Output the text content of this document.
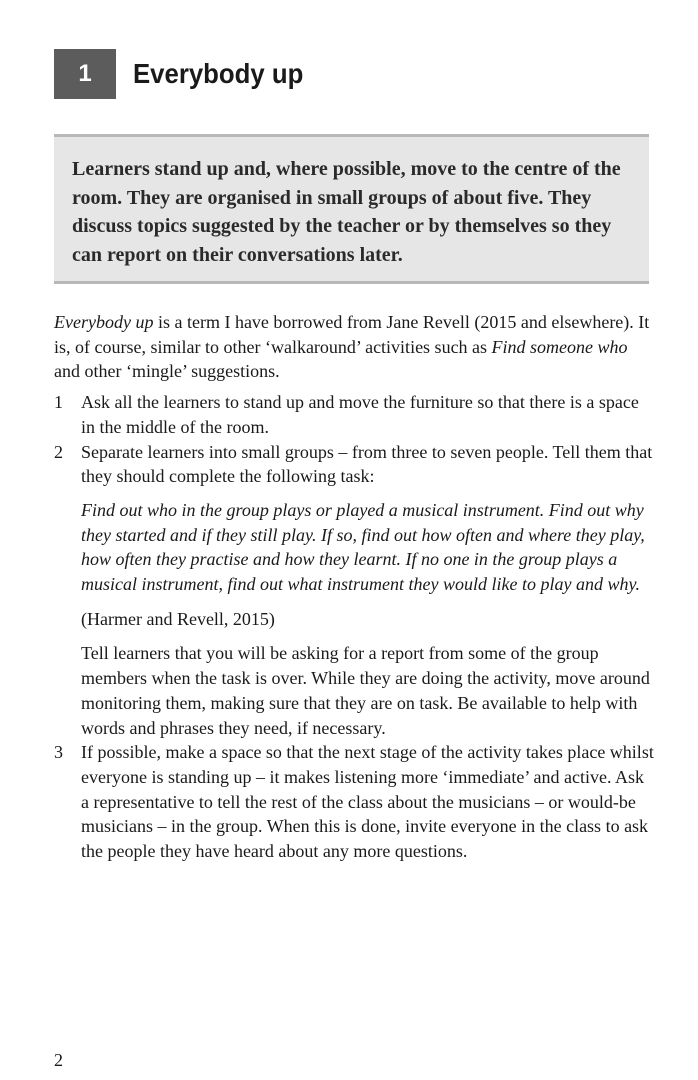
1	Everybody up
Learners stand up and, where possible, move to the centre of the room. They are organised in small groups of about five. They discuss topics suggested by the teacher or by themselves so they can report on their conversations later.

Everybody up is a term I have borrowed from Jane Revell (2015 and elsewhere). It is, of course, similar to other ‘walkaround’ activities such as Find someone who and other ‘mingle’ suggestions.

1 Ask all the learners to stand up and move the furniture so that there is a space in the middle of the room.

2 Separate learners into small groups – from three to seven people. Tell them that they should complete the following task:

Find out who in the group plays or played a musical instrument. Find out why they started and if they still play. If so, find out how often and where they play, how often they practise and how they learnt. If no one in the group plays a musical instrument, find out what instrument they would like to play and why.

(Harmer and Revell, 2015)

Tell learners that you will be asking for a report from some of the group members when the task is over. While they are doing the activity, move around monitoring them, making sure that they are on task. Be available to help with words and phrases they need, if necessary.

3 If possible, make a space so that the next stage of the activity takes place whilst everyone is standing up – it makes listening more ‘immediate’ and active. Ask a representative to tell the rest of the class about the musicians – or would-be musicians – in the group. When this is done, invite everyone in the class to ask the people they have heard about any more questions.

2
